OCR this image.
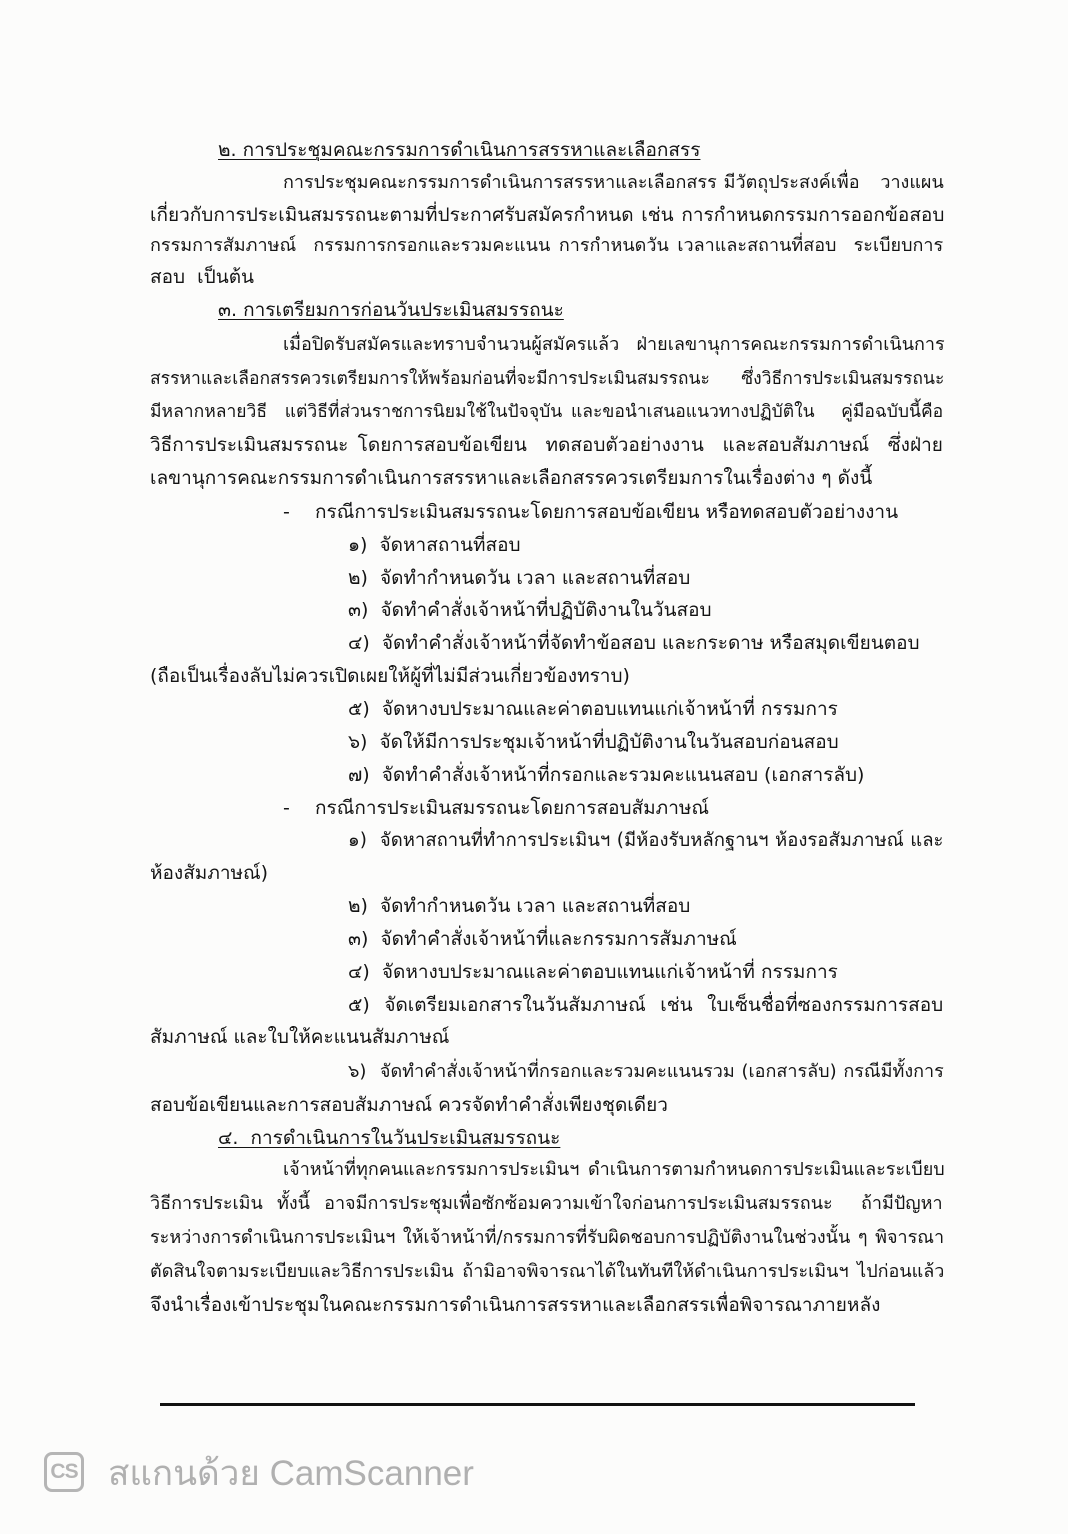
๒. การประชุมคณะกรรมการดำเนินการสรรหาและเลือกสรร
การประชุมคณะกรรมการดำเนินการสรรหาและเลือกสรร มีวัตถุประสงค์เพื่อ   วางแผน
เกี่ยวกับการประเมินสมรรถนะตามที่ประกาศรับสมัครกำหนด เช่น การกำหนดกรรมการออกข้อสอบ
กรรมการสัมภาษณ์  กรรมการกรอกและรวมคะแนน การกำหนดวัน เวลาและสถานที่สอบ  ระเบียบการ
สอบ  เป็นต้น
๓. การเตรียมการก่อนวันประเมินสมรรถนะ
เมื่อปิดรับสมัครและทราบจำนวนผู้สมัครแล้ว ฝ่ายเลขานุการคณะกรรมการดำเนินการ
สรรหาและเลือกสรรควรเตรียมการให้พร้อมก่อนที่จะมีการประเมินสมรรถนะ  ซึ่งวิธีการประเมินสมรรถนะ
มีหลากหลายวิธี  แต่วิธีที่ส่วนราชการนิยมใช้ในปัจจุบัน และขอนำเสนอแนวทางปฏิบัติใน   คู่มือฉบับนี้คือ
วิธีการประเมินสมรรถนะ โดยการสอบข้อเขียน  ทดสอบตัวอย่างงาน  และสอบสัมภาษณ์  ซึ่งฝ่าย
เลขานุการคณะกรรมการดำเนินการสรรหาและเลือกสรรควรเตรียมการในเรื่องต่าง ๆ ดังนี้
-	กรณีการประเมินสมรรถนะโดยการสอบข้อเขียน หรือทดสอบตัวอย่างงาน
๑)  จัดหาสถานที่สอบ
๒)  จัดทำกำหนดวัน เวลา และสถานที่สอบ
๓)  จัดทำคำสั่งเจ้าหน้าที่ปฏิบัติงานในวันสอบ
๔)  จัดทำคำสั่งเจ้าหน้าที่จัดทำข้อสอบ และกระดาษ หรือสมุดเขียนตอบ
(ถือเป็นเรื่องลับไม่ควรเปิดเผยให้ผู้ที่ไม่มีส่วนเกี่ยวข้องทราบ)
๕)  จัดหางบประมาณและค่าตอบแทนแก่เจ้าหน้าที่ กรรมการ
๖)  จัดให้มีการประชุมเจ้าหน้าที่ปฏิบัติงานในวันสอบก่อนสอบ
๗)  จัดทำคำสั่งเจ้าหน้าที่กรอกและรวมคะแนนสอบ (เอกสารลับ)
-	กรณีการประเมินสมรรถนะโดยการสอบสัมภาษณ์
๑)  จัดหาสถานที่ทำการประเมินฯ (มีห้องรับหลักฐานฯ ห้องรอสัมภาษณ์ และ
ห้องสัมภาษณ์)
๒)  จัดทำกำหนดวัน เวลา และสถานที่สอบ
๓)  จัดทำคำสั่งเจ้าหน้าที่และกรรมการสัมภาษณ์
๔)  จัดหางบประมาณและค่าตอบแทนแก่เจ้าหน้าที่ กรรมการ
๕)  จัดเตรียมเอกสารในวันสัมภาษณ์  เช่น  ใบเซ็นชื่อที่ซองกรรมการสอบ
สัมภาษณ์ และใบให้คะแนนสัมภาษณ์
๖)  จัดทำคำสั่งเจ้าหน้าที่กรอกและรวมคะแนนรวม (เอกสารลับ) กรณีมีทั้งการ
สอบข้อเขียนและการสอบสัมภาษณ์ ควรจัดทำคำสั่งเพียงชุดเดียว
๔.  การดำเนินการในวันประเมินสมรรถนะ
เจ้าหน้าที่ทุกคนและกรรมการประเมินฯ ดำเนินการตามกำหนดการประเมินและระเบียบ
วิธีการประเมิน  ทั้งนี้  อาจมีการประชุมเพื่อซักซ้อมความเข้าใจก่อนการประเมินสมรรถนะ    ถ้ามีปัญหา
ระหว่างการดำเนินการประเมินฯ ให้เจ้าหน้าที่/กรรมการที่รับผิดชอบการปฏิบัติงานในช่วงนั้น ๆ พิจารณา
ตัดสินใจตามระเบียบและวิธีการประเมิน ถ้ามิอาจพิจารณาได้ในทันทีให้ดำเนินการประเมินฯ ไปก่อนแล้ว
จึงนำเรื่องเข้าประชุมในคณะกรรมการดำเนินการสรรหาและเลือกสรรเพื่อพิจารณาภายหลัง
CS สแกนด้วย CamScanner
